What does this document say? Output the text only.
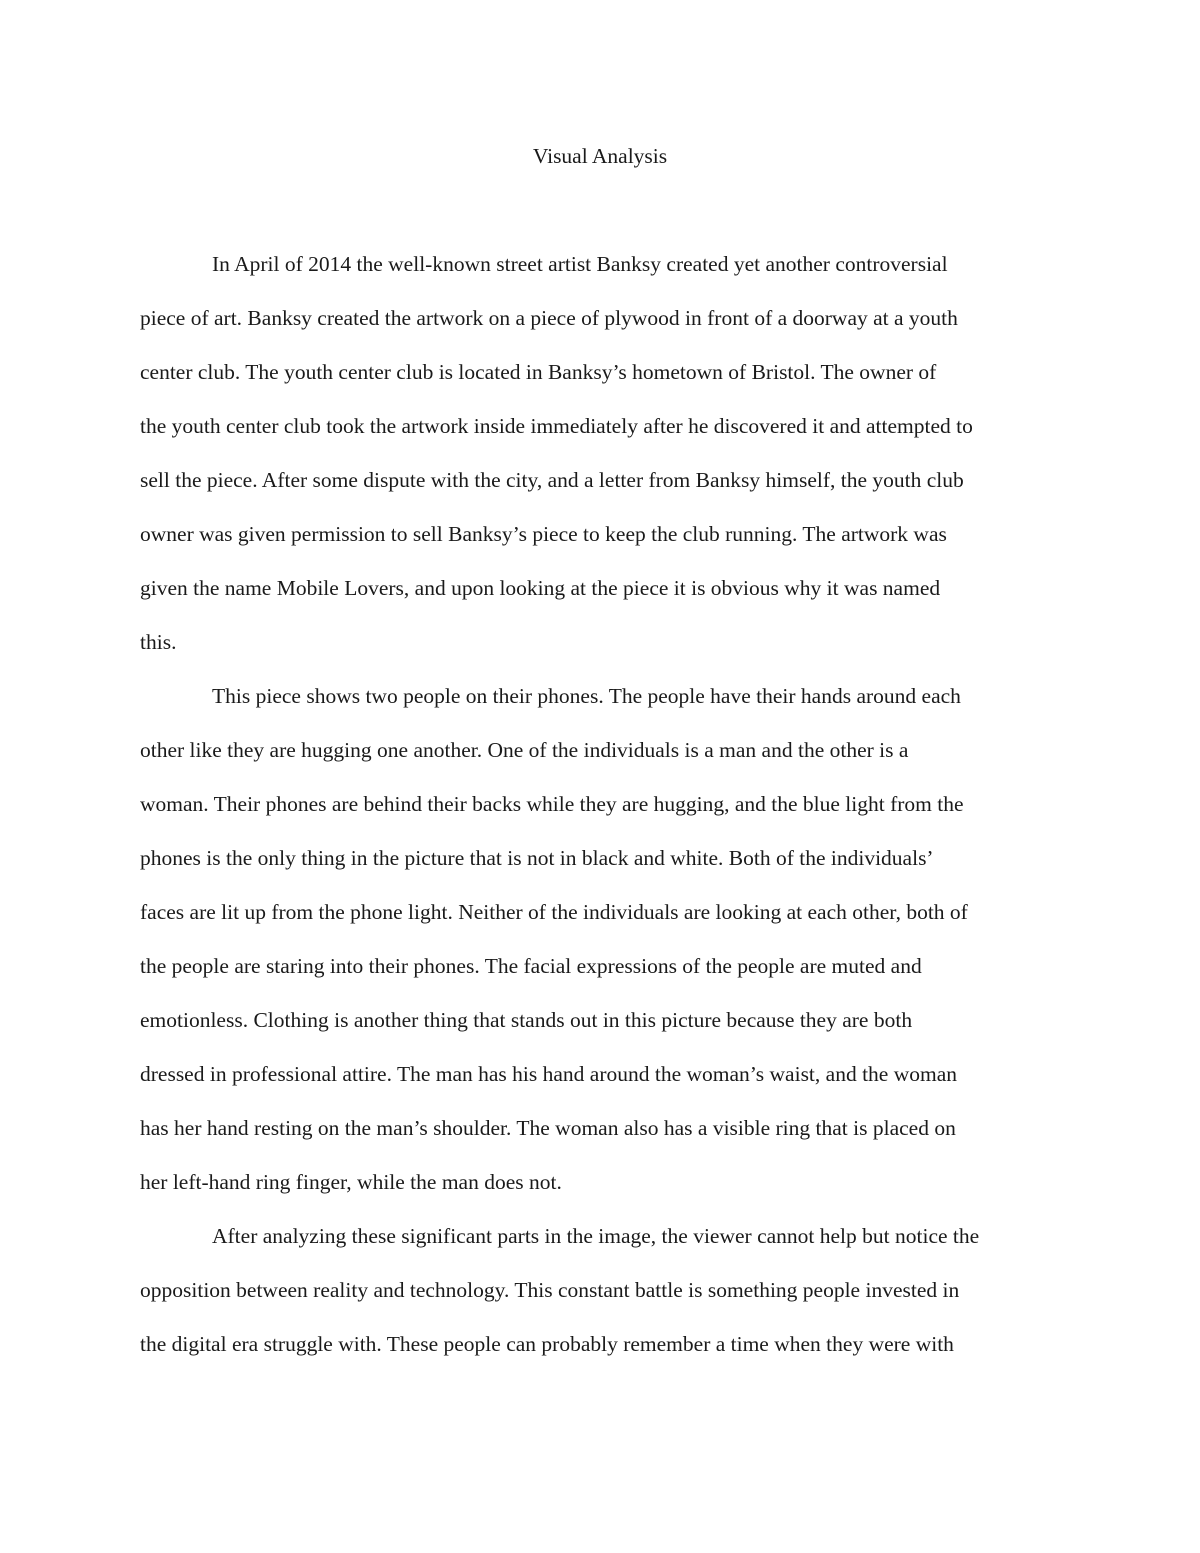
Visual Analysis
In April of 2014 the well-known street artist Banksy created yet another controversial
piece of art. Banksy created the artwork on a piece of plywood in front of a doorway at a youth
center club. The youth center club is located in Banksy’s hometown of Bristol. The owner of
the youth center club took the artwork inside immediately after he discovered it and attempted to
sell the piece. After some dispute with the city, and a letter from Banksy himself, the youth club
owner was given permission to sell Banksy’s piece to keep the club running. The artwork was
given the name Mobile Lovers, and upon looking at the piece it is obvious why it was named
this.
This piece shows two people on their phones. The people have their hands around each
other like they are hugging one another. One of the individuals is a man and the other is a
woman. Their phones are behind their backs while they are hugging, and the blue light from the
phones is the only thing in the picture that is not in black and white. Both of the individuals’
faces are lit up from the phone light. Neither of the individuals are looking at each other, both of
the people are staring into their phones. The facial expressions of the people are muted and
emotionless. Clothing is another thing that stands out in this picture because they are both
dressed in professional attire. The man has his hand around the woman’s waist, and the woman
has her hand resting on the man’s shoulder. The woman also has a visible ring that is placed on
her left-hand ring finger, while the man does not.
After analyzing these significant parts in the image, the viewer cannot help but notice the
opposition between reality and technology. This constant battle is something people invested in
the digital era struggle with. These people can probably remember a time when they were with
